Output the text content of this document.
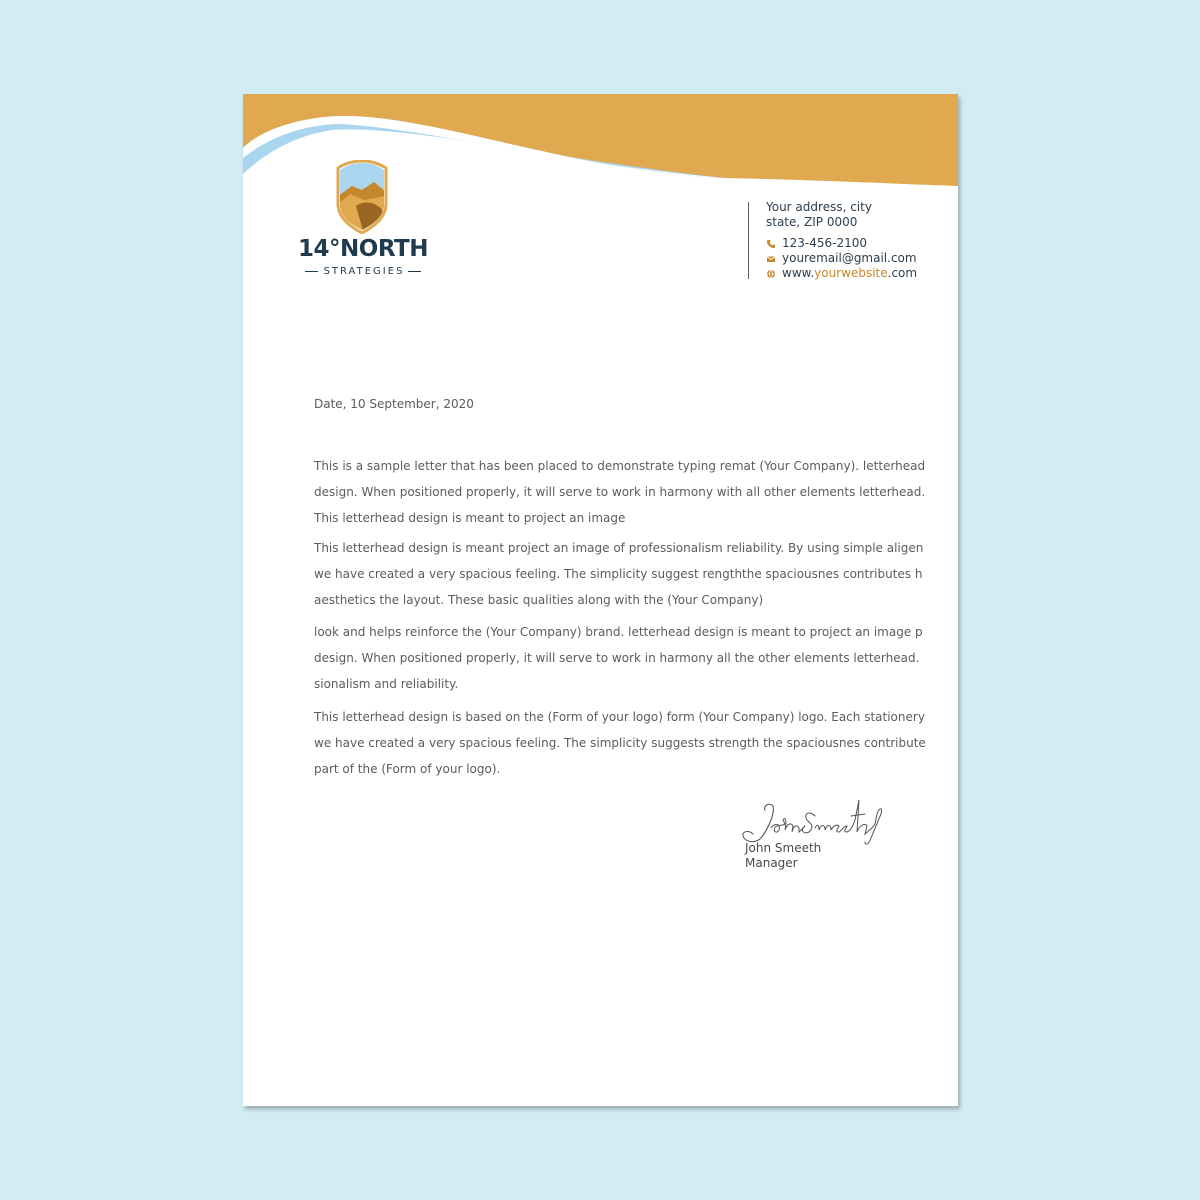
14°NORTH
STRATEGIES
Your address, city
state, ZIP 0000
123-456-2100
youremail@gmail.com
www.yourwebsite.com
Date, 10 September, 2020
This is a sample letter that has been placed to demonstrate typing remat (Your Company). letterhead
design. When positioned properly, it will serve to work in harmony with all other elements letterhead.
This letterhead design is meant to project an image
This letterhead design is meant project an image of professionalism reliability. By using simple aligen
we have created a very spacious feeling. The simplicity suggest rengththe spaciousnes contributes h
aesthetics the layout. These basic qualities along with the (Your Company)
look and helps reinforce the (Your Company) brand. letterhead design is meant to project an image p
design. When positioned properly, it will serve to work in harmony all the other elements letterhead.
sionalism and reliability.
This letterhead design is based on the (Form of your logo) form (Your Company) logo. Each stationery
we have created a very spacious feeling. The simplicity suggests strength the spaciousnes contribute
part of the (Form of your logo).
John Smeeth
Manager
